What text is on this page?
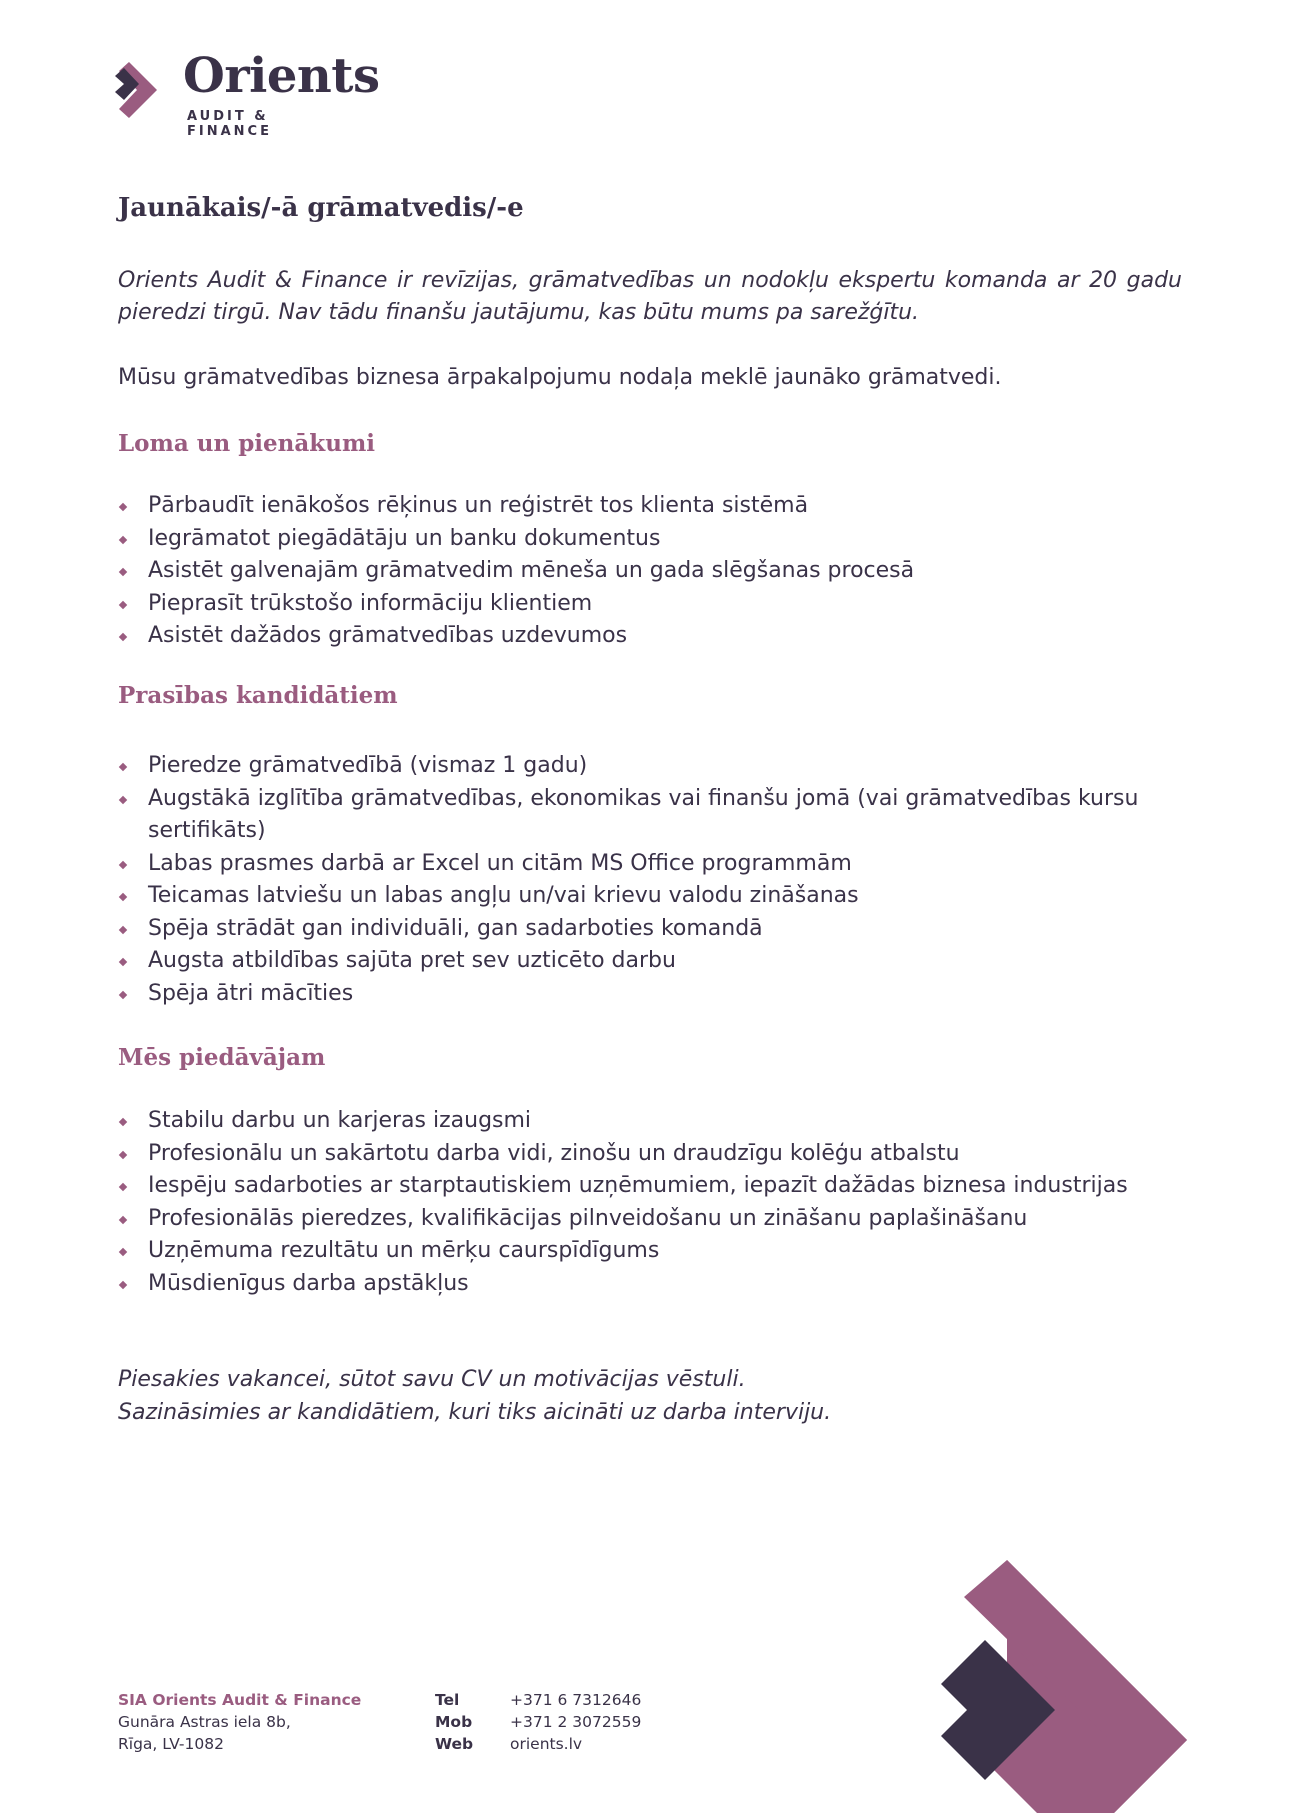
Orients
AUDIT & FINANCE
Jaunākais/-ā grāmatvedis/-e

Orients Audit & Finance ir revīzijas, grāmatvedības un nodokļu ekspertu komanda ar 20 gadu pieredzi tirgū. Nav tādu finanšu jautājumu, kas būtu mums pa sarežģītu.

Mūsu grāmatvedības biznesa ārpakalpojumu nodaļa meklē jaunāko grāmatvedi.

Loma un pienākumi
Pārbaudīt ienākošos rēķinus un reģistrēt tos klienta sistēmā
Iegrāmatot piegādātāju un banku dokumentus
Asistēt galvenajām grāmatvedim mēneša un gada slēgšanas procesā
Pieprasīt trūkstošo informāciju klientiem
Asistēt dažādos grāmatvedības uzdevumos
Prasības kandidātiem
Pieredze grāmatvedībā (vismaz 1 gadu)
Augstākā izglītība grāmatvedības, ekonomikas vai finanšu jomā (vai grāmatvedības kursu sertifikāts)
Labas prasmes darbā ar Excel un citām MS Office programmām
Teicamas latviešu un labas angļu un/vai krievu valodu zināšanas
Spēja strādāt gan individuāli, gan sadarboties komandā
Augsta atbildības sajūta pret sev uzticēto darbu
Spēja ātri mācīties
Mēs piedāvājam
Stabilu darbu un karjeras izaugsmi
Profesionālu un sakārtotu darba vidi, zinošu un draudzīgu kolēģu atbalstu
Iespēju sadarboties ar starptautiskiem uzņēmumiem, iepazīt dažādas biznesa industrijas
Profesionālās pieredzes, kvalifikācijas pilnveidošanu un zināšanu paplašināšanu
Uzņēmuma rezultātu un mērķu caurspīdīgums
Mūsdienīgus darba apstākļus

Piesakies vakancei, sūtot savu CV un motivācijas vēstuli.
Sazināsimies ar kandidātiem, kuri tiks aicināti uz darba interviju.

SIA Orients Audit & Finance
Gunāra Astras iela 8b,
Rīga, LV-1082
Tel	+371 6 7312646
Mob	+371 2 3072559
Web	orients.lv
